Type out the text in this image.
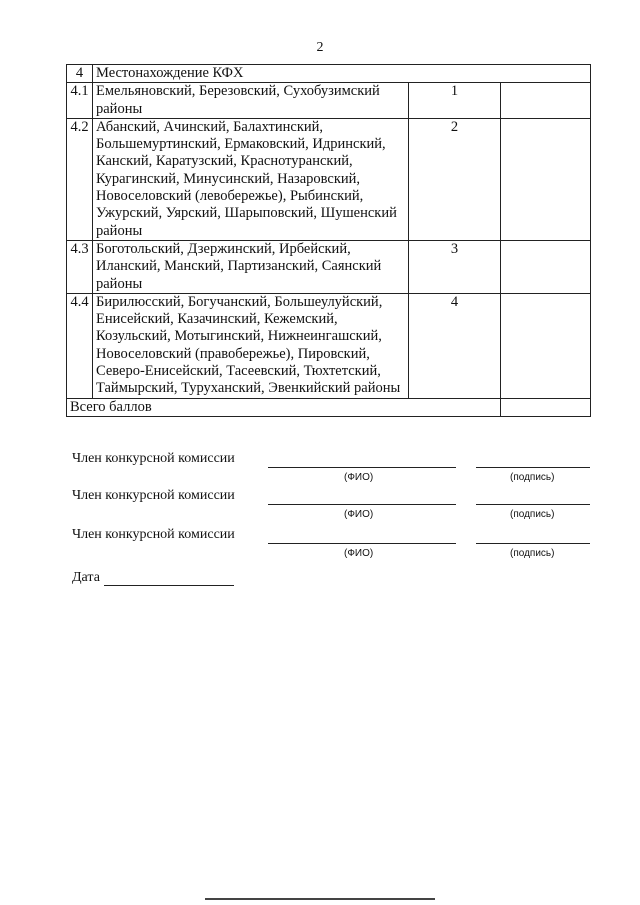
2
4	Местонахождение КФХ		
4.1	Емельяновский, Березовский, Сухобузимский районы	1	
4.2	Абанский, Ачинский, Балахтинский, Большемуртинский, Ермаковский, Идринский, Канский, Каратузский, Краснотуранский, Курагинский, Минусинский, Назаровский, Новоселовский (левобережье), Рыбинский, Ужурский, Уярский, Шарыповский, Шушенский районы	2	
4.3	Боготольский, Дзержинский, Ирбейский, Иланский, Манский, Партизанский, Саянский районы	3	
4.4	Бирилюсский, Богучанский, Большеулуйский, Енисейский, Казачинский, Кежемский, Козульский, Мотыгинский, Нижнеингашский, Новоселовский (правобережье), Пировский, Северо-Енисейский, Тасеевский, Тюхтетский, Таймырский, Туруханский, Эвенкийский районы	4	
Всего баллов			
Член конкурсной комиссии
(ФИО)	(подпись)
Член конкурсной комиссии
(ФИО)	(подпись)
Член конкурсной комиссии
(ФИО)	(подпись)
Дата
